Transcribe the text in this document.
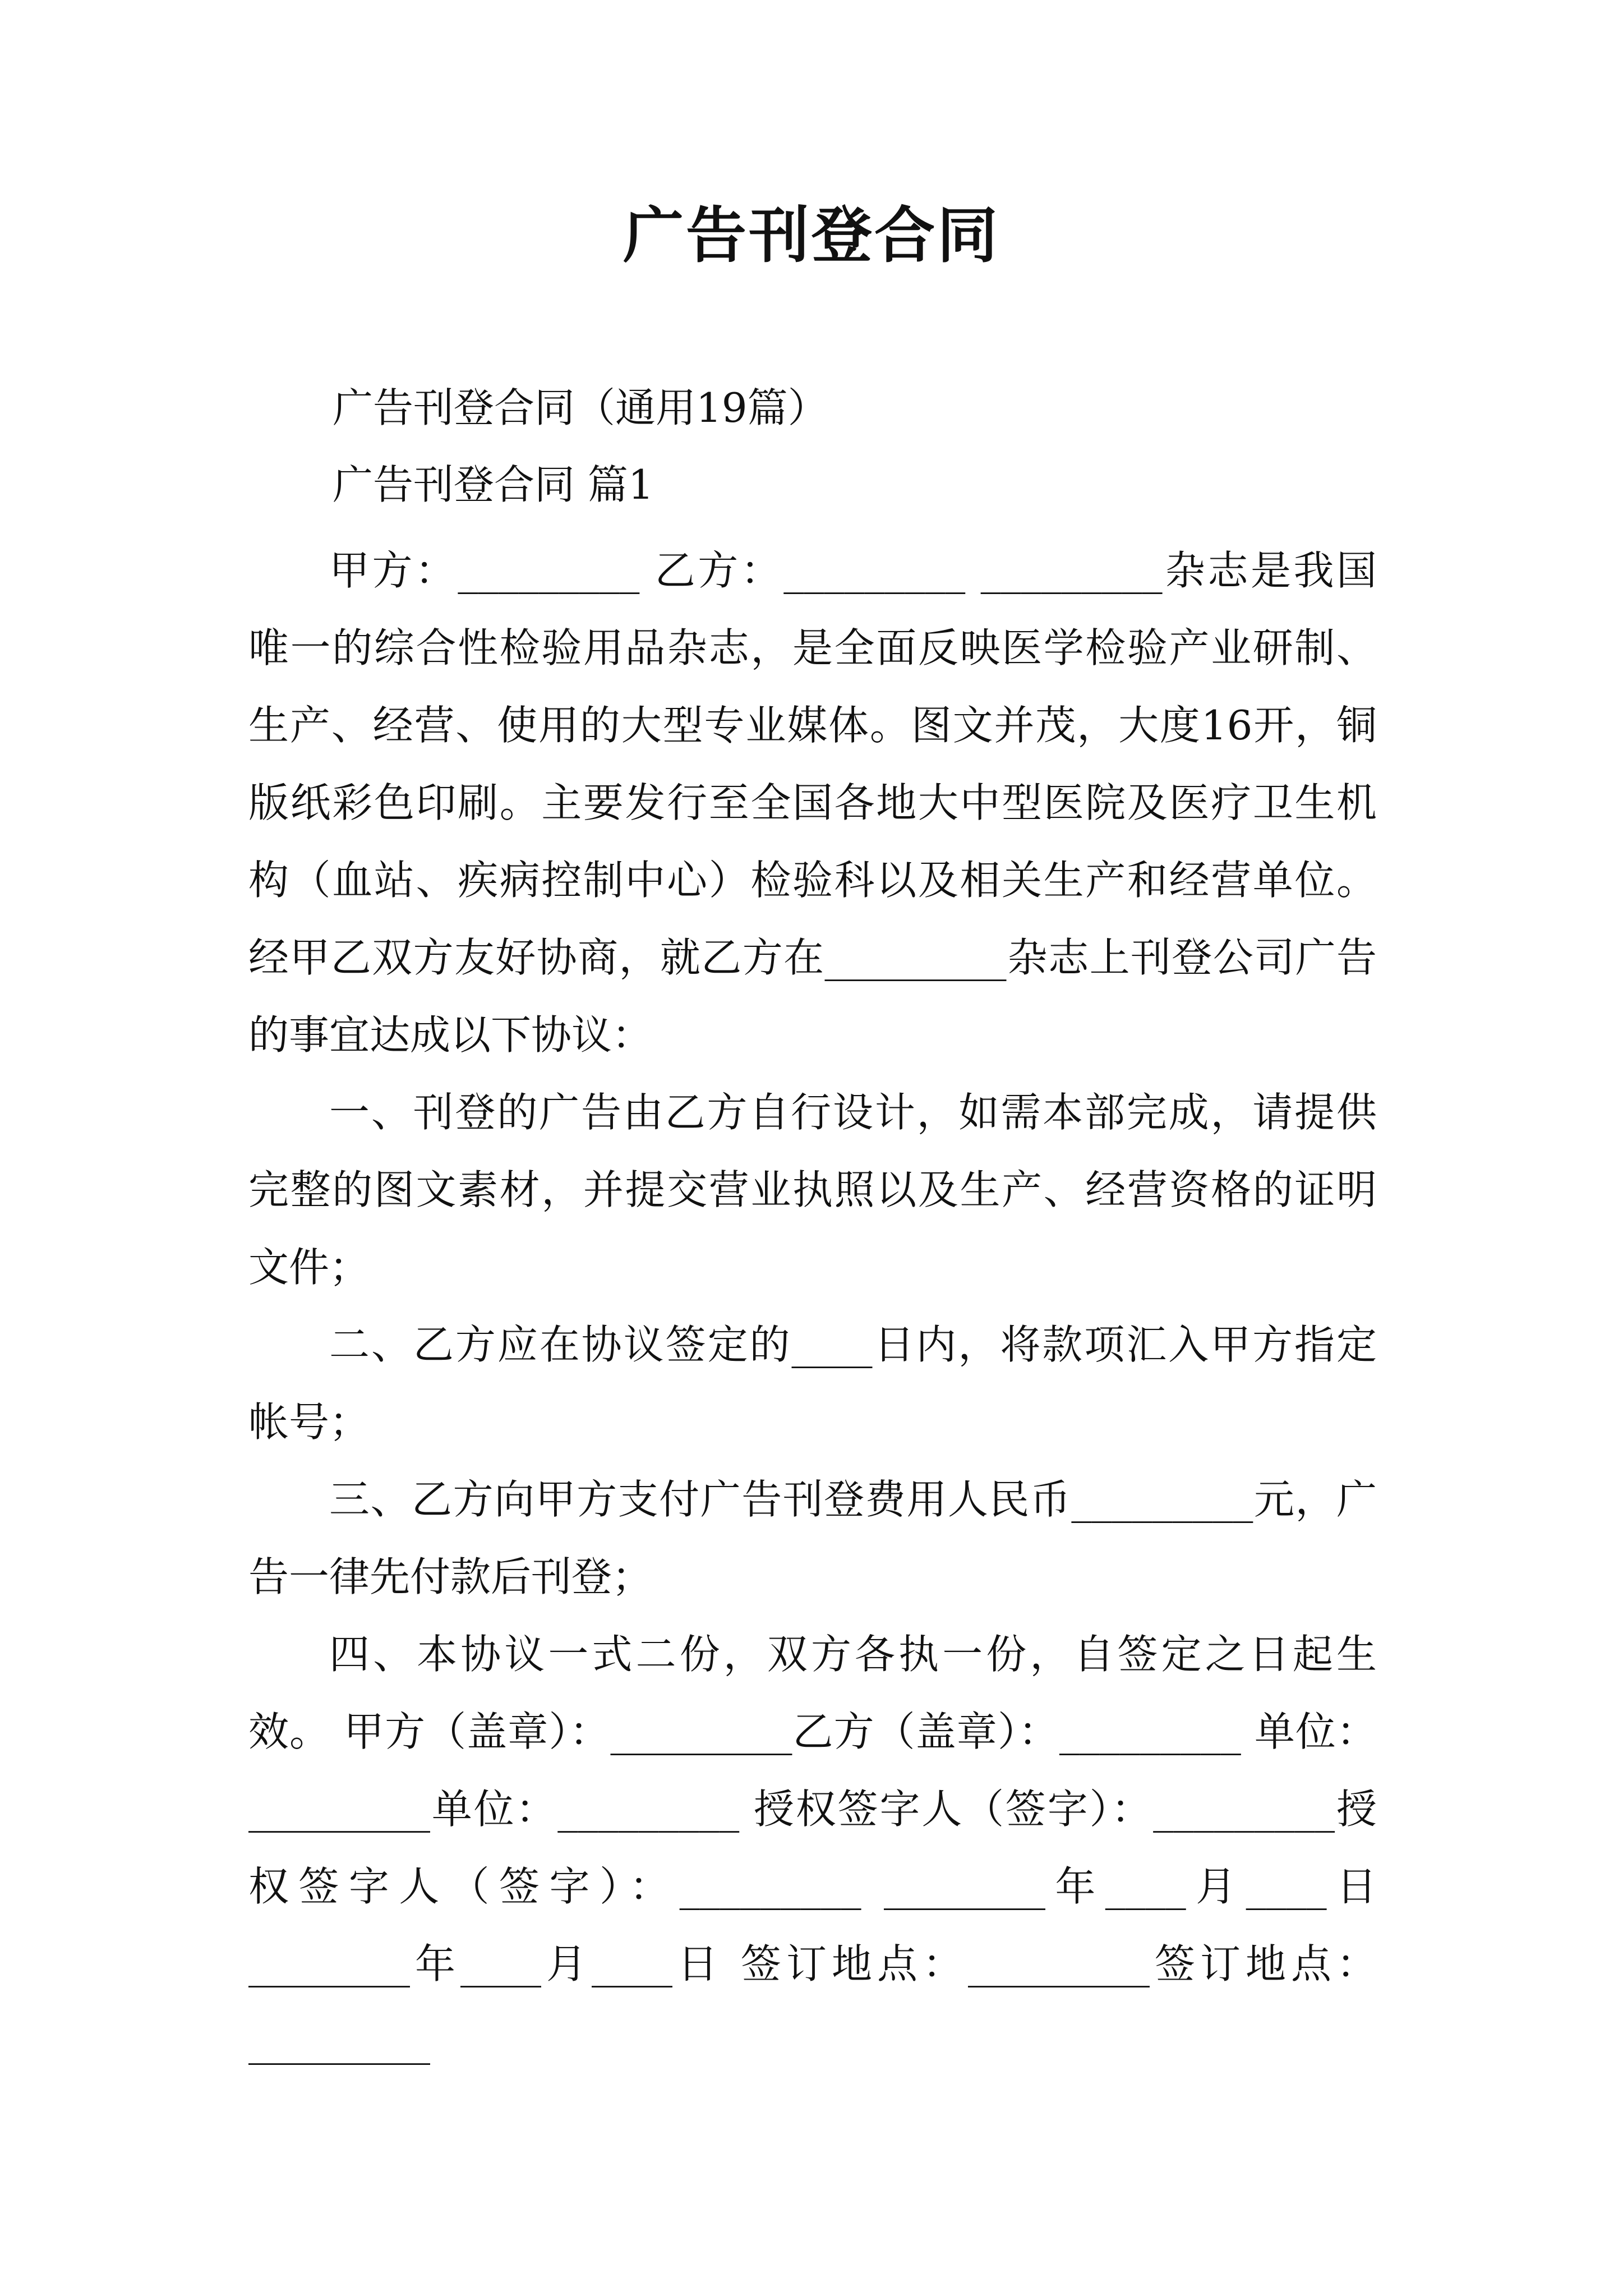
广告刊登合同
广告刊登合同（通用19篇）
广告刊登合同 篇1

甲方：_________ 乙方：_________ _________杂志是我国唯一的综合性检验用品杂志，是全面反映医学检验产业研制、生产、经营、使用的大型专业媒体。图文并茂，大度16开，铜版纸彩色印刷。主要发行至全国各地大中型医院及医疗卫生机构（血站、疾病控制中心）检验科以及相关生产和经营单位。 经甲乙双方友好协商，就乙方在_________杂志上刊登公司广告的事宜达成以下协议：

一、刊登的广告由乙方自行设计，如需本部完成，请提供完整的图文素材，并提交营业执照以及生产、经营资格的证明文件；

二、乙方应在协议签定的____日内，将款项汇入甲方指定帐号；

三、乙方向甲方支付广告刊登费用人民币_________元，广告一律先付款后刊登；

四、本协议一式二份，双方各执一份，自签定之日起生效。 甲方（盖章）：_________乙方（盖章）：_________ 单位：_________单位：_________ 授权签字人（签字）：_________授权签字人（签字）：_________ ________年____月____日________年____月____日 签订地点：_________签订地点：_________
